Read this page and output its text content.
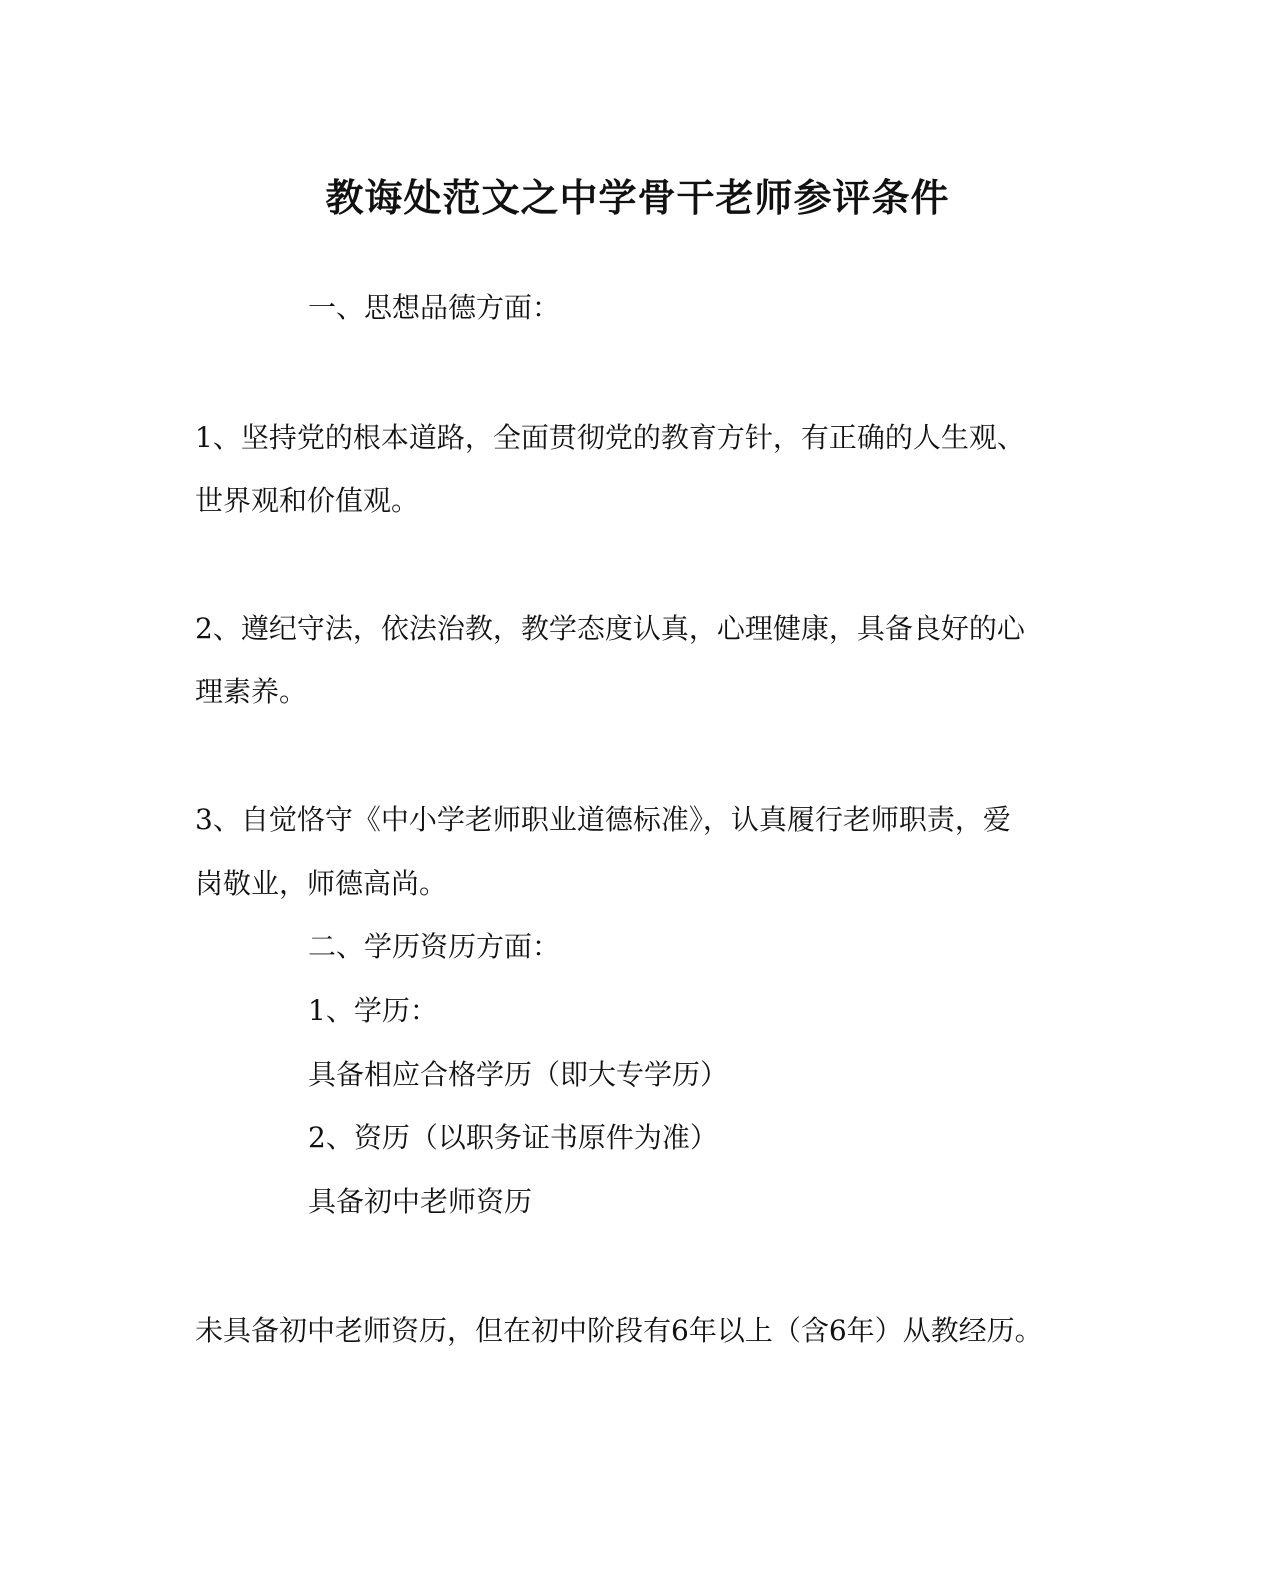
教诲处范文之中学骨干老师参评条件
一、思想品德方面：
1、坚持党的根本道路，全面贯彻党的教育方针，有正确的人生观、
世界观和价值观。
2、遵纪守法，依法治教，教学态度认真，心理健康，具备良好的心
理素养。
3、自觉恪守《中小学老师职业道德标准》，认真履行老师职责，爱
岗敬业，师德高尚。
二、学历资历方面：
1、学历：
具备相应合格学历（即大专学历）
2、资历（以职务证书原件为准）
具备初中老师资历
未具备初中老师资历，但在初中阶段有6年以上（含6年）从教经历。
